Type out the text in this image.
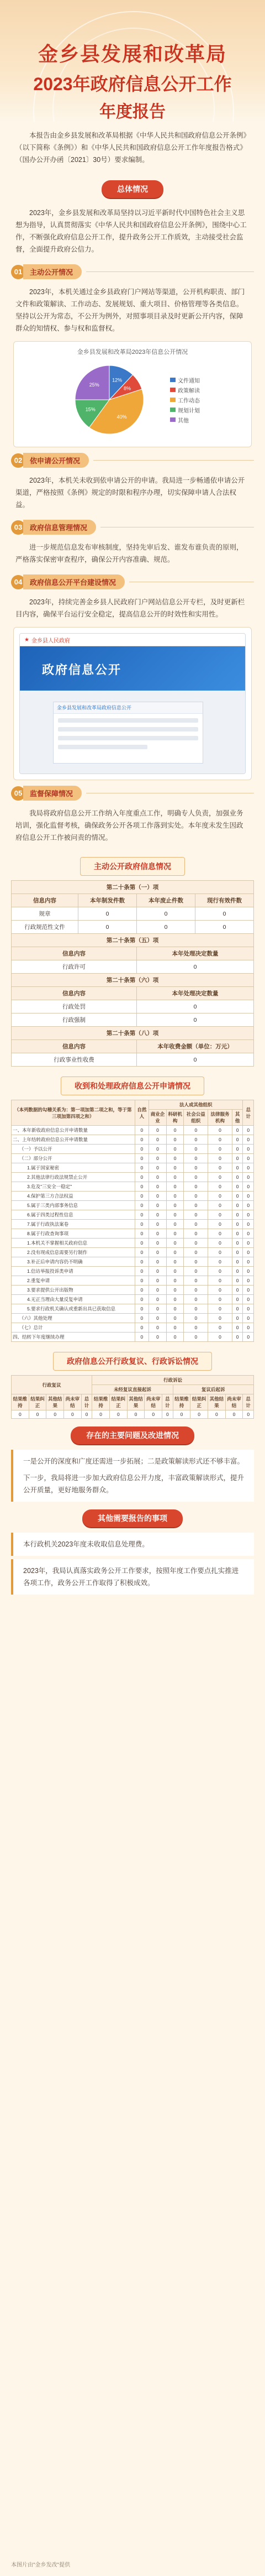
金乡县发展和改革局
2023年政府信息公开工作
年度报告
本报告由金乡县发展和改革局根据《中华人民共和国政府信息公开条例》（以下简称《条例》）和《中华人民共和国政府信息公开工作年度报告格式》（国办公开办函〔2021〕30号）要求编制。
总体情况
2023年，金乡县发展和改革局坚持以习近平新时代中国特色社会主义思想为指导，认真贯彻落实《中华人民共和国政府信息公开条例》，围绕中心工作，不断强化政府信息公开工作，提升政务公开工作质效，主动接受社会监督，全面提升政府公信力。
01	主动公开情况
2023年，本机关通过金乡县政府门户网站等渠道，公开机构职责、部门文件和政策解读、工作动态、发展规划、重大项目、价格管理等各类信息。坚持以公开为常态，不公开为例外，对照事项目录及时更新公开内容，保障群众的知情权、参与权和监督权。
金乡县发展和改革局2023年信息公开情况
12%
8%
40%
15%
25%
文件通知
政策解读
工作动态
规划计划
其他
02	依申请公开情况
2023年，本机关未收到依申请公开的申请。我局进一步畅通依申请公开渠道，严格按照《条例》规定的时限和程序办理，切实保障申请人合法权益。
03	政府信息管理情况
进一步规范信息发布审核制度，坚持先审后发、谁发布谁负责的原则，严格落实保密审查程序，确保公开内容准确、规范。
04	政府信息公开平台建设情况
2023年，持续完善金乡县人民政府门户网站信息公开专栏，及时更新栏目内容，确保平台运行安全稳定，提高信息公开的时效性和实用性。
★ 金乡县人民政府
政府信息公开
金乡县发展和改革局政府信息公开
05	监督保障情况
我局将政府信息公开工作纳入年度重点工作，明确专人负责，加强业务培训，强化监督考核，确保政务公开各项工作落到实处。本年度未发生因政府信息公开工作被问责的情况。
主动公开政府信息情况
第二十条第（一）项			
信息内容	本年制发件数	本年废止件数	现行有效件数
规章	0	0	0
行政规范性文件	0	0	0
第二十条第（五）项			
信息内容		本年处理决定数量	
行政许可		0	
第二十条第（六）项			
信息内容		本年处理决定数量	
行政处罚		0	
行政强制		0	
第二十条第（八）项			
信息内容		本年收费金额（单位：万元）	
行政事业性收费		0	
收到和处理政府信息公开申请情况
（本列数据的勾稽关系为：第一项加第二项之和，等于第三项加第四项之和）	自然人	法人或其他组织					总计
		商业企业	科研机构	社会公益组织	法律服务机构	其他	

一、本年新收政府信息公开申请数量	0	0	0	0	0	0	0
二、上年结转政府信息公开申请数量	0	0	0	0	0	0	0
（一）予以公开	0	0	0	0	0	0	0
（二）部分公开	0	0	0	0	0	0	0
1.属于国家秘密	0	0	0	0	0	0	0
2.其他法律行政法规禁止公开	0	0	0	0	0	0	0
3.危及"三安全一稳定"	0	0	0	0	0	0	0
4.保护第三方合法权益	0	0	0	0	0	0	0
5.属于三类内部事务信息	0	0	0	0	0	0	0
6.属于四类过程性信息	0	0	0	0	0	0	0
7.属于行政执法案卷	0	0	0	0	0	0	0
8.属于行政查询事项	0	0	0	0	0	0	0
1.本机关不掌握相关政府信息	0	0	0	0	0	0	0
2.没有现成信息需要另行制作	0	0	0	0	0	0	0
3.补正后申请内容仍不明确	0	0	0	0	0	0	0
1.信访举报投诉类申请	0	0	0	0	0	0	0
2.重复申请	0	0	0	0	0	0	0
3.要求提供公开出版物	0	0	0	0	0	0	0
4.无正当理由大量反复申请	0	0	0	0	0	0	0
5.要求行政机关确认或重新出具已获取信息	0	0	0	0	0	0	0
（六）其他处理	0	0	0	0	0	0	0
（七）总计	0	0	0	0	0	0	0
四、结转下年度继续办理	0	0	0	0	0	0	0
政府信息公开行政复议、行政诉讼情况
行政复议					行政诉讼									
					未经复议直接起诉					复议后起诉				
结果维持	结果纠正	其他结果	尚未审结	总计	结果维持	结果纠正	其他结果	尚未审结	总计	结果维持	结果纠正	其他结果	尚未审结	总计
0	0	0	0	0	0	0	0	0	0	0	0	0	0	0
存在的主要问题及改进情况
一是公开的深度和广度还需进一步拓展；二是政策解读形式还不够丰富。
下一步，我局将进一步加大政府信息公开力度，丰富政策解读形式，提升公开质量，更好地服务群众。
其他需要报告的事项
本行政机关2023年度未收取信息处理费。
2023年，我局认真落实政务公开工作要求，按照年度工作要点扎实推进各项工作，政务公开工作取得了积极成效。
本图片由"金乡发改"提供
